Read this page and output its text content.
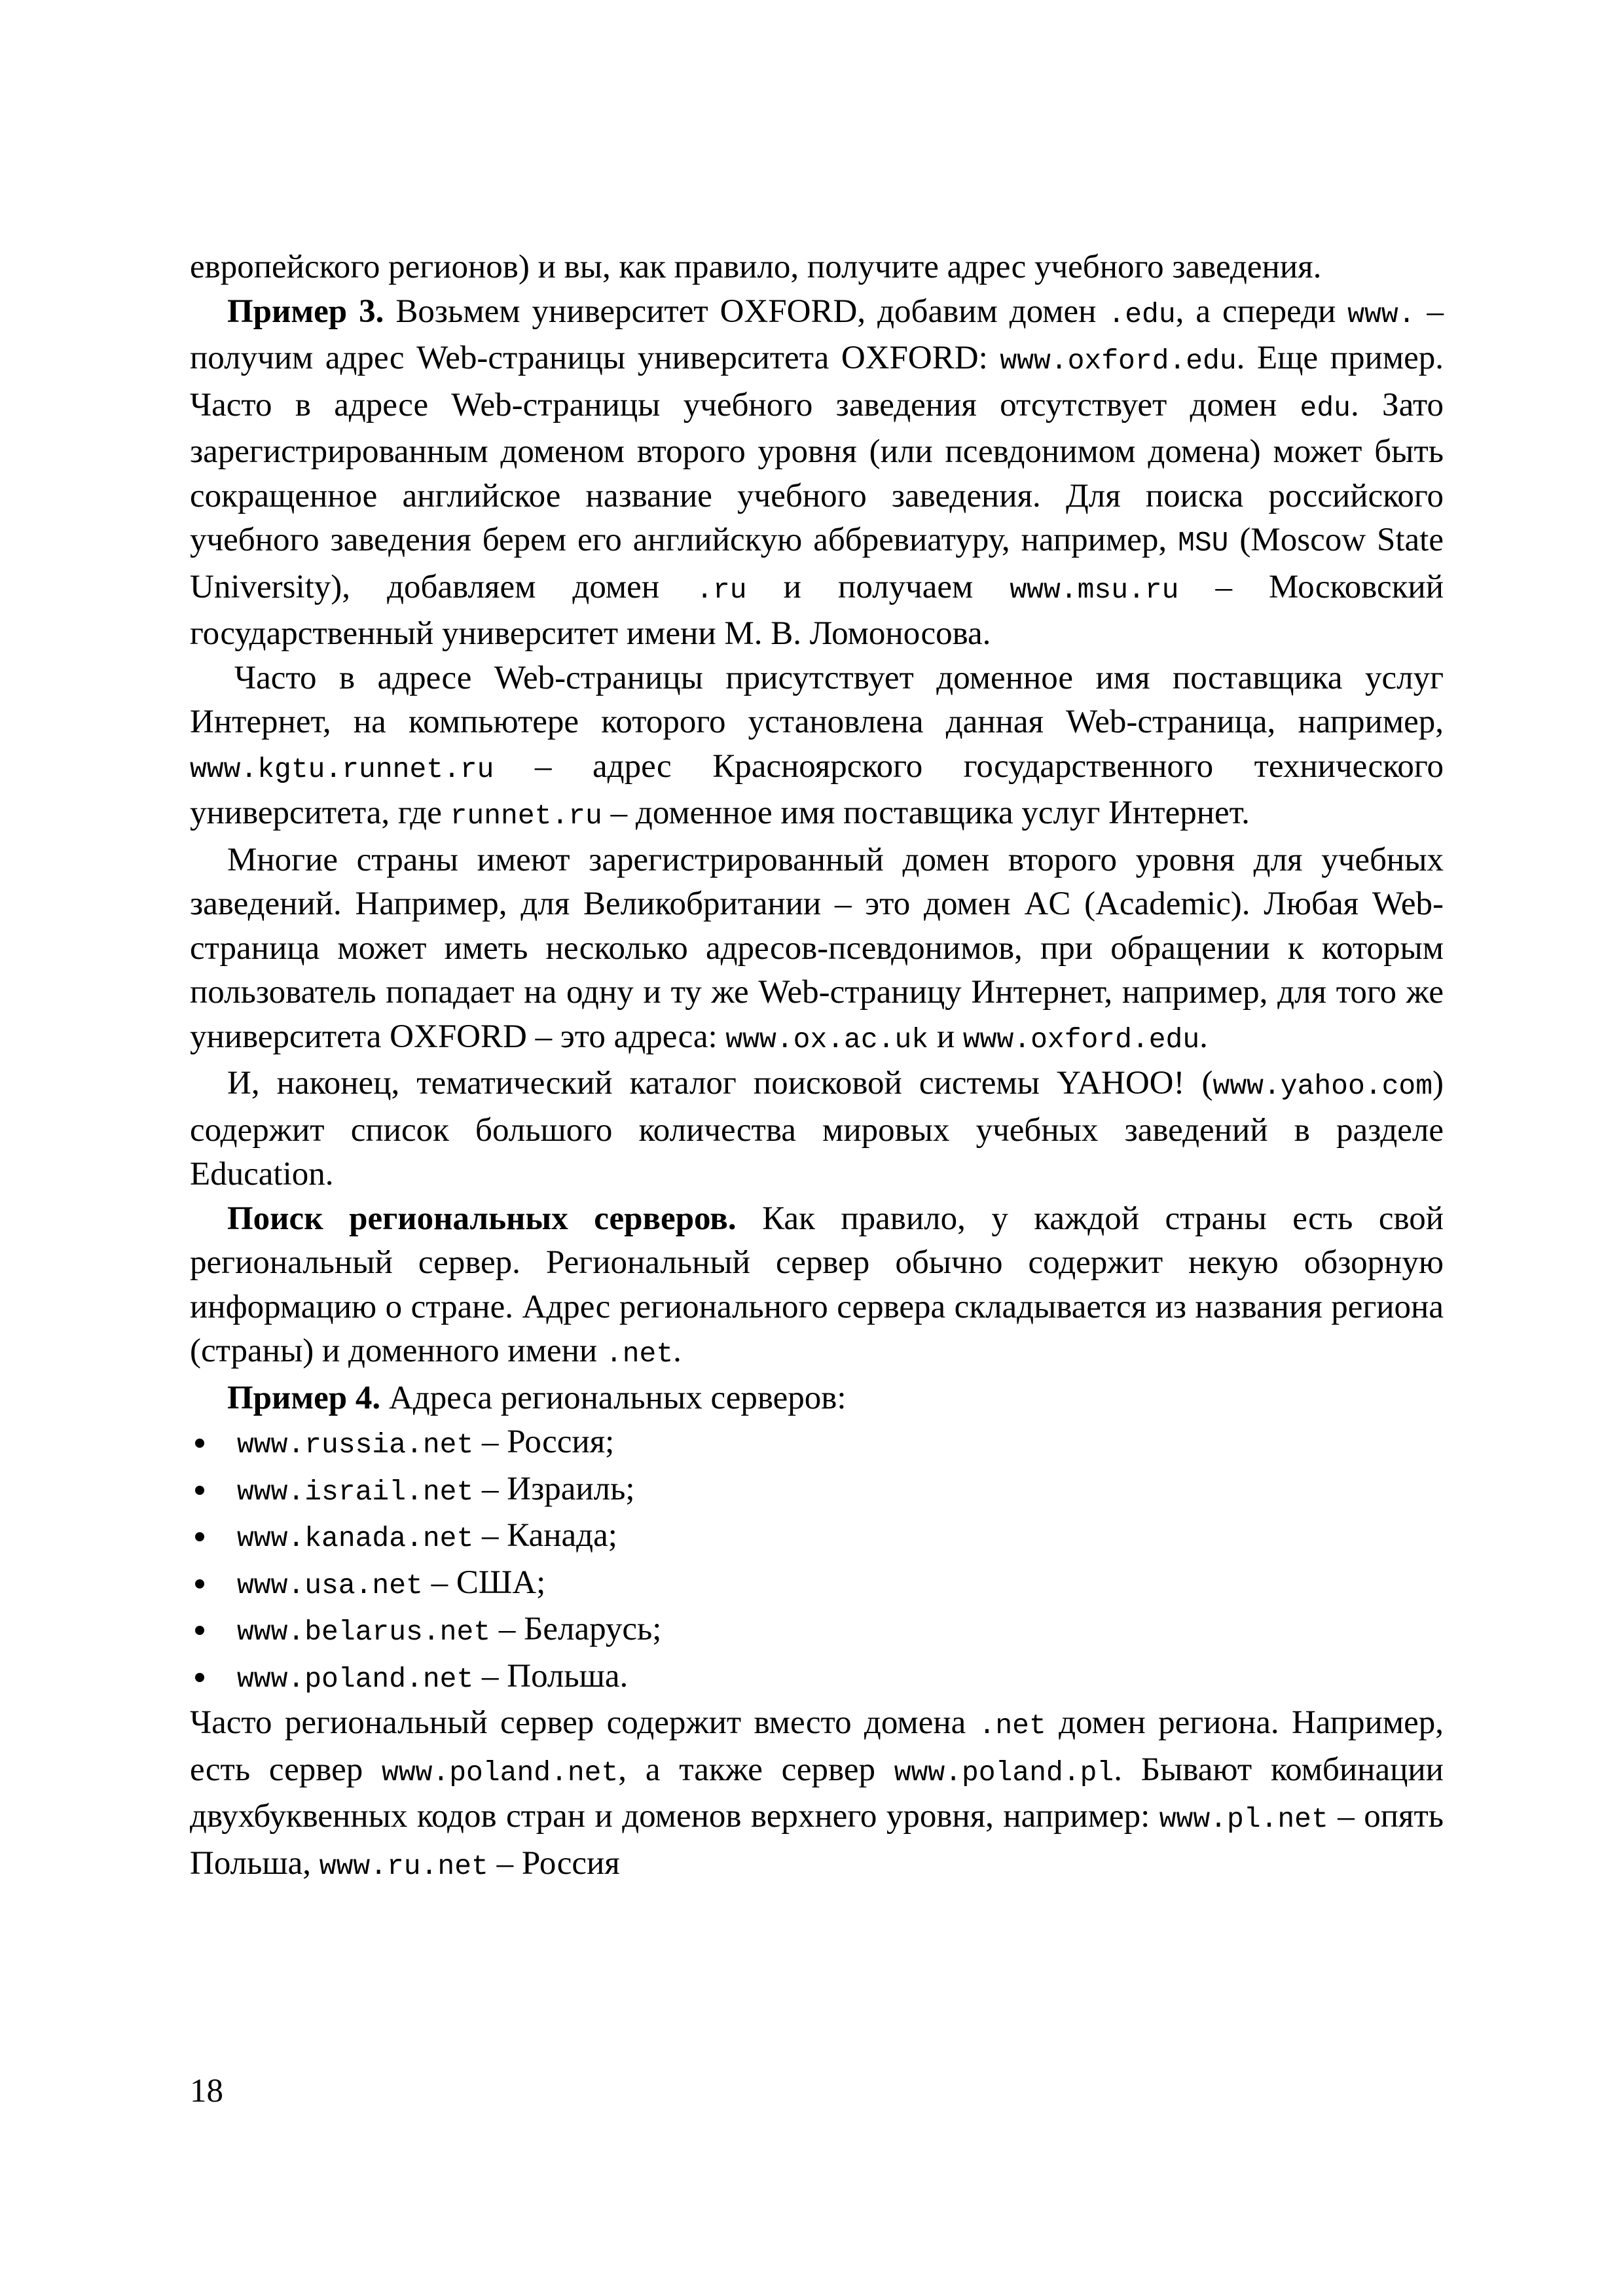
европейского регионов) и вы, как правило, получите адрес учебного заведения.

Пример 3. Возьмем университет OXFORD, добавим домен .edu, а спереди www. – получим адрес Web-страницы университета OXFORD: www.oxford.edu. Еще пример. Часто в адресе Web-страницы учебного заведения отсутствует домен edu. Зато зарегистрированным доменом второго уровня (или псевдонимом домена) может быть сокращенное английское название учебного заведения. Для поиска российского учебного заведения берем его английскую аббревиатуру, например, MSU (Moscow State University), добавляем домен .ru и получаем www.msu.ru – Московский государственный университет имени М. В. Ломоносова.

Часто в адресе Web-страницы присутствует доменное имя поставщика услуг Интернет, на компьютере которого установлена данная Web-страница, например, www.kgtu.runnet.ru – адрес Красноярского государственного технического университета, где runnet.ru – доменное имя поставщика услуг Интернет.

Многие страны имеют зарегистрированный домен второго уровня для учебных заведений. Например, для Великобритании – это домен AC (Academic). Любая Web-страница может иметь несколько адресов-псевдонимов, при обращении к которым пользователь попадает на одну и ту же Web-страницу Интернет, например, для того же университета OXFORD – это адреса: www.ox.ac.uk и www.oxford.edu.

И, наконец, тематический каталог поисковой системы YAHOO! (www.yahoo.com) содержит список большого количества мировых учебных заведений в разделе Education.

Поиск региональных серверов. Как правило, у каждой страны есть свой региональный сервер. Региональный сервер обычно содержит некую обзорную информацию о стране. Адрес регионального сервера складывается из названия региона (страны) и доменного имени .net.

Пример 4. Адреса региональных серверов:

www.russia.net – Россия;
www.israil.net – Израиль;
www.kanada.net – Канада;
www.usa.net – США;
www.belarus.net – Беларусь;
www.poland.net – Польша.

Часто региональный сервер содержит вместо домена .net домен региона. Например, есть сервер www.poland.net, а также сервер www.poland.pl. Бывают комбинации двухбуквенных кодов стран и доменов верхнего уровня, например: www.pl.net – опять Польша, www.ru.net – Россия

18
